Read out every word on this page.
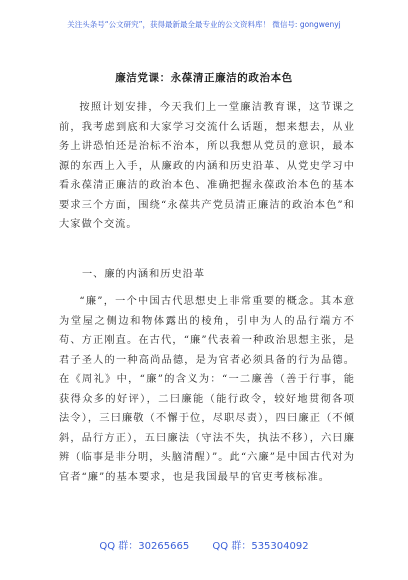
关注头条号“公文研究”，获得最新最全最专业的公文资料库！ 微信号: gongwenyj
廉洁党课：永葆清正廉洁的政治本色

按照计划安排，今天我们上一堂廉洁教育课，这节课之前，我考虑到底和大家学习交流什么话题，想来想去，从业务上讲恐怕还是治标不治本，所以我想从党员的意识，最本源的东西上入手，从廉政的内涵和历史沿革、从党史学习中看永葆清正廉洁的政治本色、准确把握永葆政治本色的基本要求三个方面，围绕“永葆共产党员清正廉洁的政治本色”和大家做个交流。

一、廉的内涵和历史沿革

“廉”，一个中国古代思想史上非常重要的概念。其本意为堂屋之侧边和物体露出的棱角，引申为人的品行端方不苟、方正刚直。在古代，“廉”代表着一种政治思想主张，是君子圣人的一种高尚品德，是为官者必须具备的行为品德。在《周礼》中，“廉”的含义为：“一二廉善（善于行事，能获得众多的好评），二曰廉能（能行政令，较好地贯彻各项法令），三曰廉敬（不懈于位，尽职尽责），四曰廉正（不倾斜，品行方正），五曰廉法（守法不失，执法不移），六曰廉辨（临事是非分明，头脑清醒）”。此“六廉”是中国古代对为官者“廉”的基本要求，也是我国最早的官吏考核标准。

QQ 群：30265665 QQ 群：535304092
